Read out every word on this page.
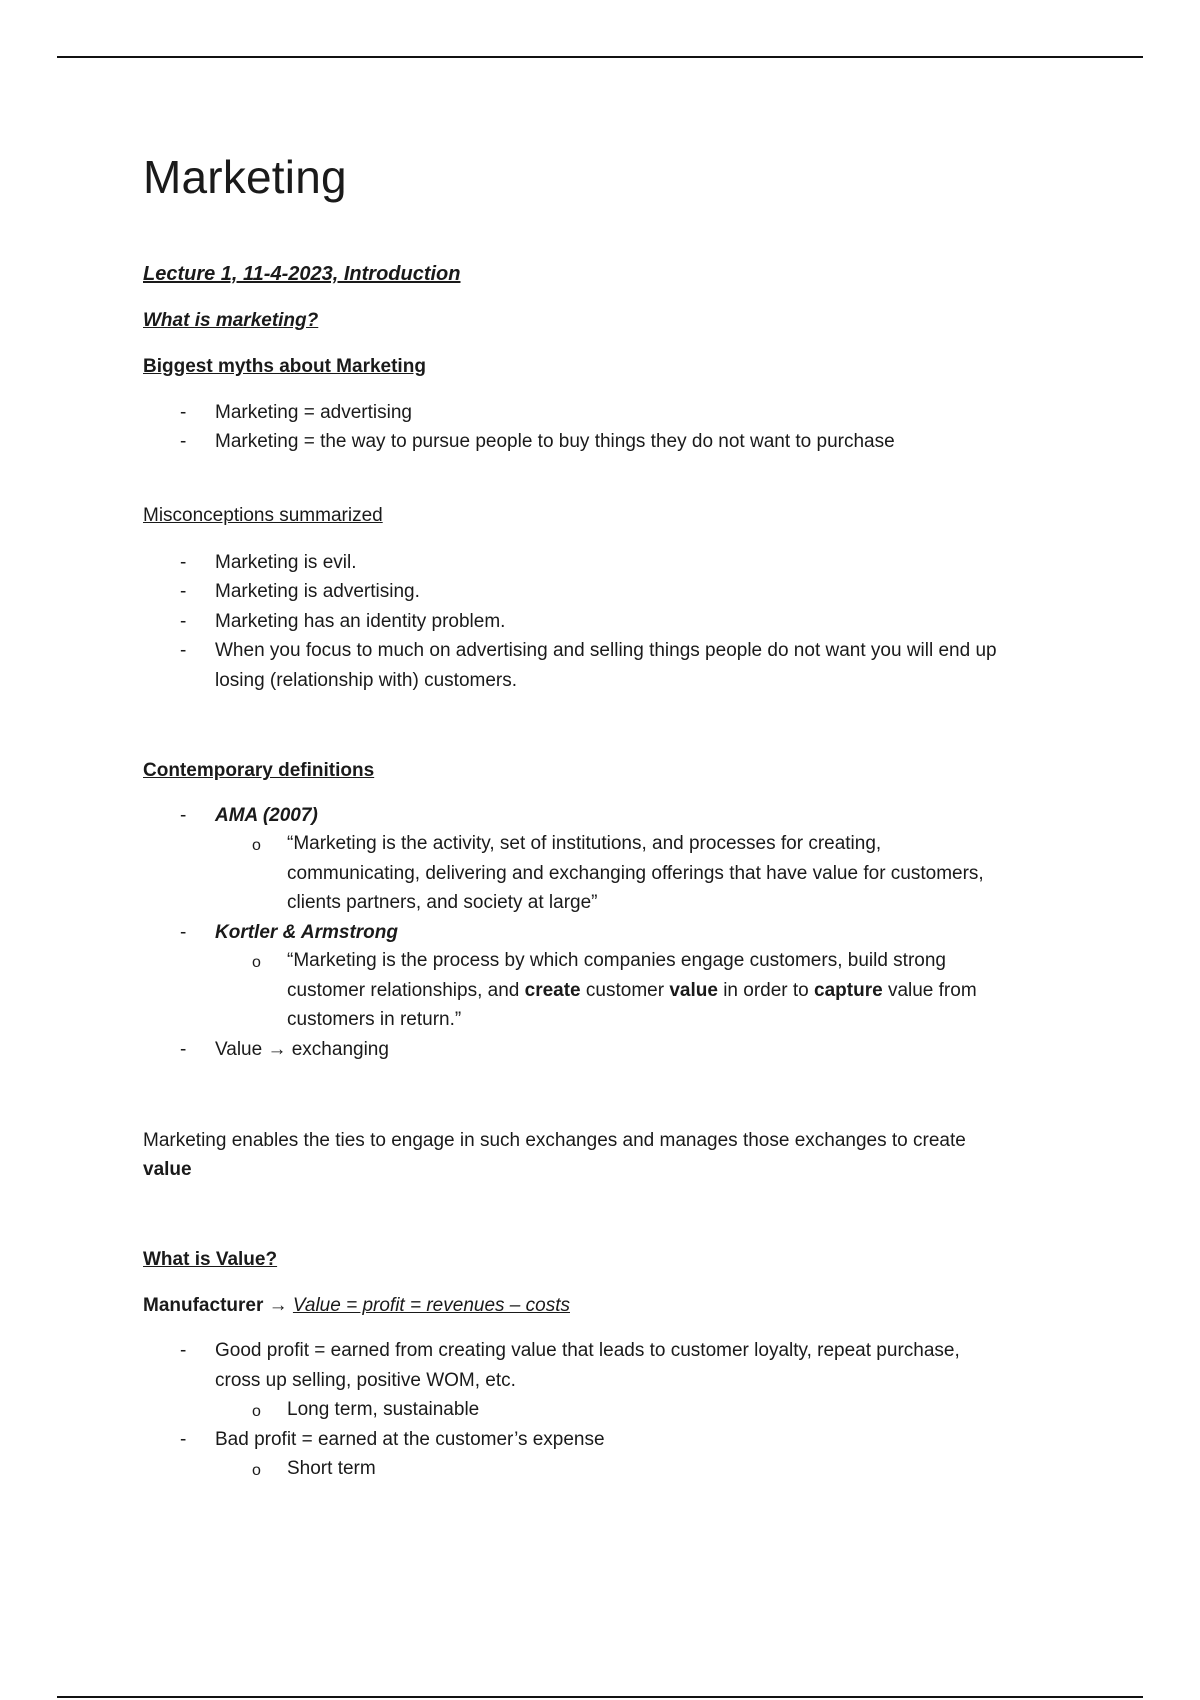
Marketing
Lecture 1, 11-4-2023, Introduction
What is marketing?
Biggest myths about Marketing
- Marketing = advertising
- Marketing = the way to pursue people to buy things they do not want to purchase
Misconceptions summarized
- Marketing is evil.
- Marketing is advertising.
- Marketing has an identity problem.
- When you focus to much on advertising and selling things people do not want you will end up
losing (relationship with) customers.
Contemporary definitions
- AMA (2007)
o “Marketing is the activity, set of institutions, and processes for creating,
communicating, delivering and exchanging offerings that have value for customers,
clients partners, and society at large”
- Kortler & Armstrong
o “Marketing is the process by which companies engage customers, build strong
customer relationships, and create customer value in order to capture value from
customers in return.”
- Value → exchanging
Marketing enables the ties to engage in such exchanges and manages those exchanges to create
value
What is Value?
Manufacturer → Value = profit = revenues – costs
- Good profit = earned from creating value that leads to customer loyalty, repeat purchase,
cross up selling, positive WOM, etc.
o Long term, sustainable
- Bad profit = earned at the customer’s expense
o Short term
